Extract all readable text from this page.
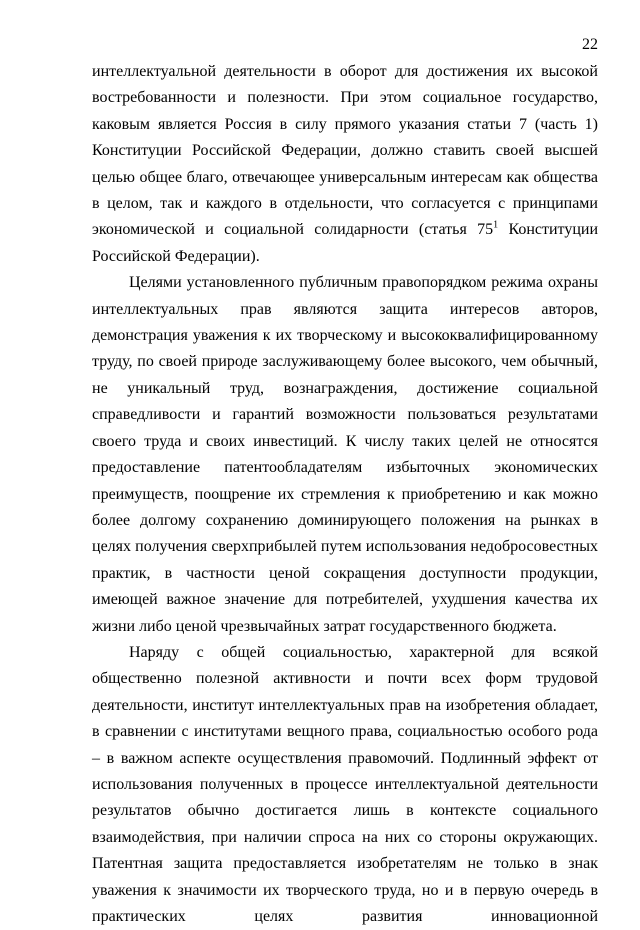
22

интеллектуальной деятельности в оборот для достижения их высокой востребованности и полезности. При этом социальное государство, каковым является Россия в силу прямого указания статьи 7 (часть 1) Конституции Российской Федерации, должно ставить своей высшей целью общее благо, отвечающее универсальным интересам как общества в целом, так и каждого в отдельности, что согласуется с принципами экономической и социальной солидарности (статья $75^1$ Конституции Российской Федерации).

Целями установленного публичным правопорядком режима охраны интеллектуальных прав являются защита интересов авторов, демонстрация уважения к их творческому и высококвалифицированному труду, по своей природе заслуживающему более высокого, чем обычный, не уникальный труд, вознаграждения, достижение социальной справедливости и гарантий возможности пользоваться результатами своего труда и своих инвестиций. К числу таких целей не относятся предоставление патентообладателям избыточных экономических преимуществ, поощрение их стремления к приобретению и как можно более долгому сохранению доминирующего положения на рынках в целях получения сверхприбылей путем использования недобросовестных практик, в частности ценой сокращения доступности продукции, имеющей важное значение для потребителей, ухудшения качества их жизни либо ценой чрезвычайных затрат государственного бюджета.

Наряду с общей социальностью, характерной для всякой общественно полезной активности и почти всех форм трудовой деятельности, институт интеллектуальных прав на изобретения обладает, в сравнении с институтами вещного права, социальностью особого рода – в важном аспекте осуществления правомочий. Подлинный эффект от использования полученных в процессе интеллектуальной деятельности результатов обычно достигается лишь в контексте социального взаимодействия, при наличии спроса на них со стороны окружающих. Патентная защита предоставляется изобретателям не только в знак уважения к значимости их творческого труда, но и в первую очередь в практических целях развития инновационной
